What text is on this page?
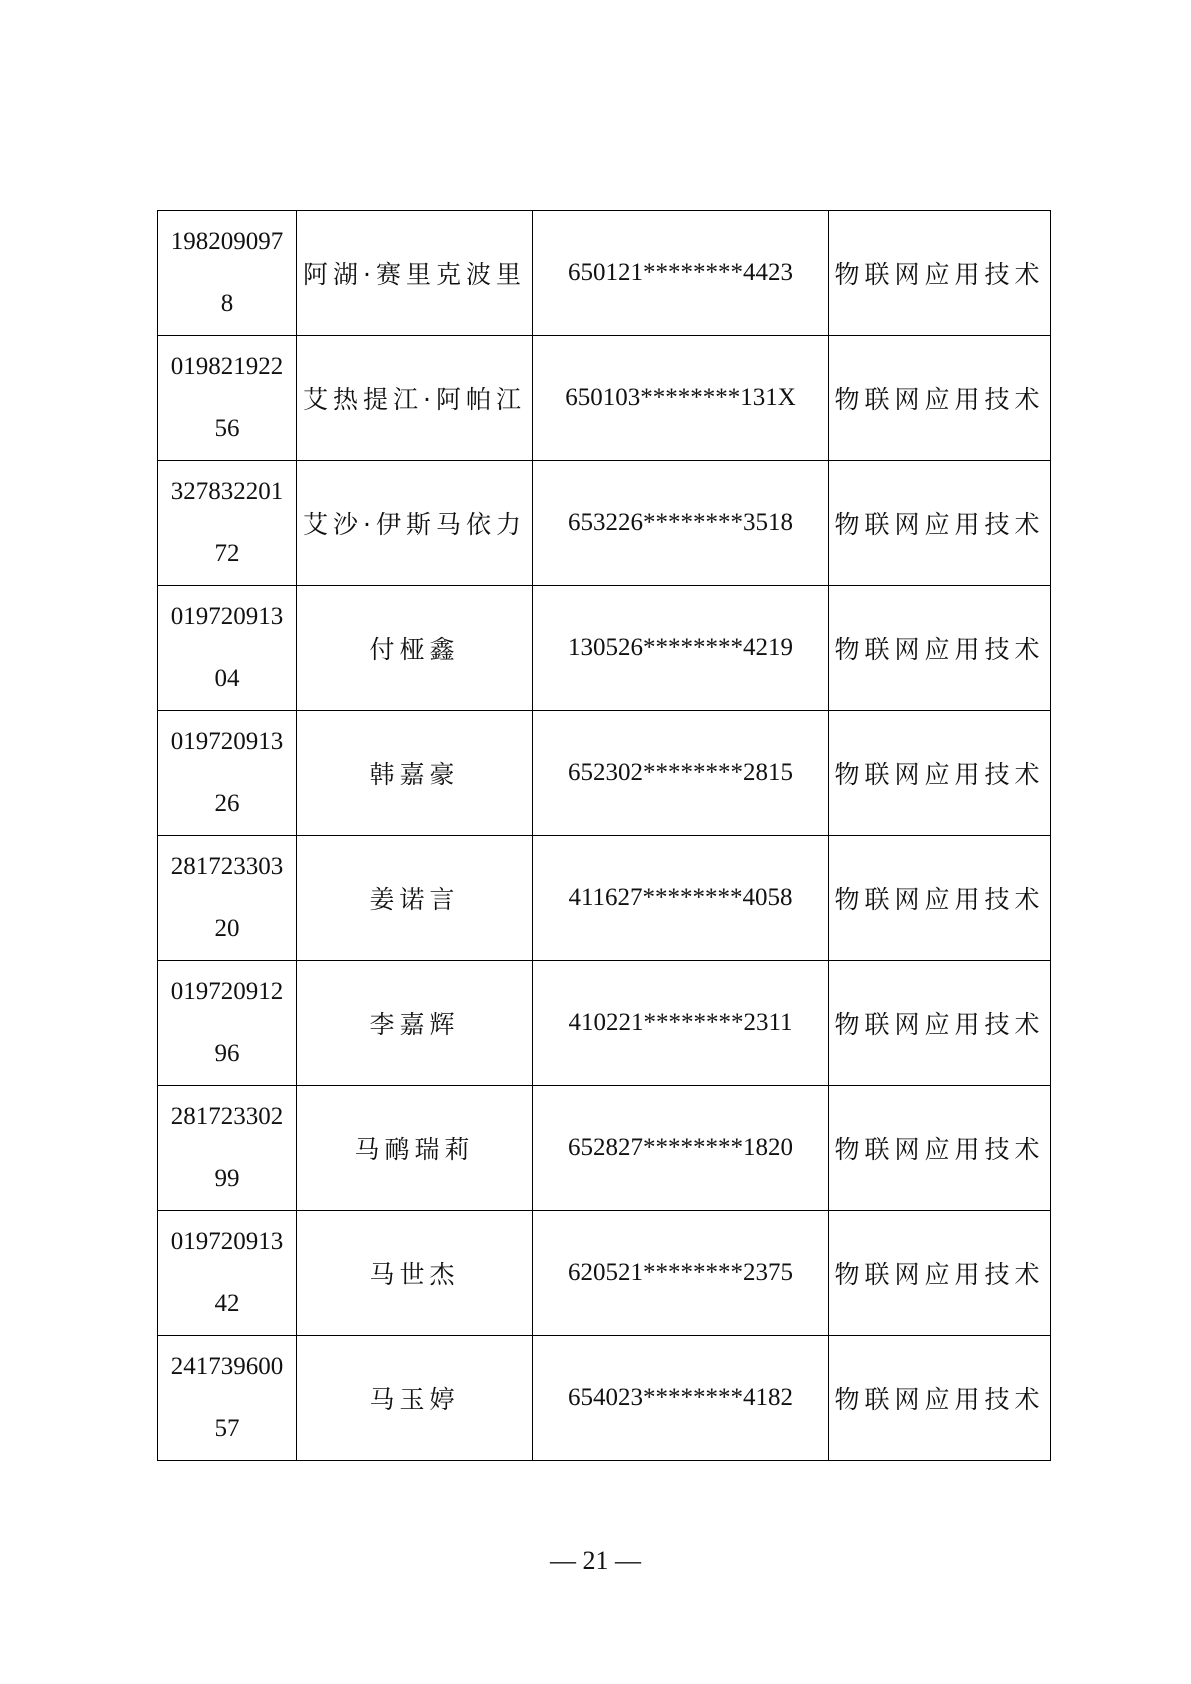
1982090978	阿湖·赛里克波里	650121********4423	物联网应用技术
01982192256	艾热提江·阿帕江	650103********131X	物联网应用技术
32783220172	艾沙·伊斯马依力	653226********3518	物联网应用技术
01972091304	付桠鑫	130526********4219	物联网应用技术
01972091326	韩嘉豪	652302********2815	物联网应用技术
28172330320	姜诺言	411627********4058	物联网应用技术
01972091296	李嘉辉	410221********2311	物联网应用技术
28172330299	马鸸瑞莉	652827********1820	物联网应用技术
01972091342	马世杰	620521********2375	物联网应用技术
24173960057	马玉婷	654023********4182	物联网应用技术
— 21 —
